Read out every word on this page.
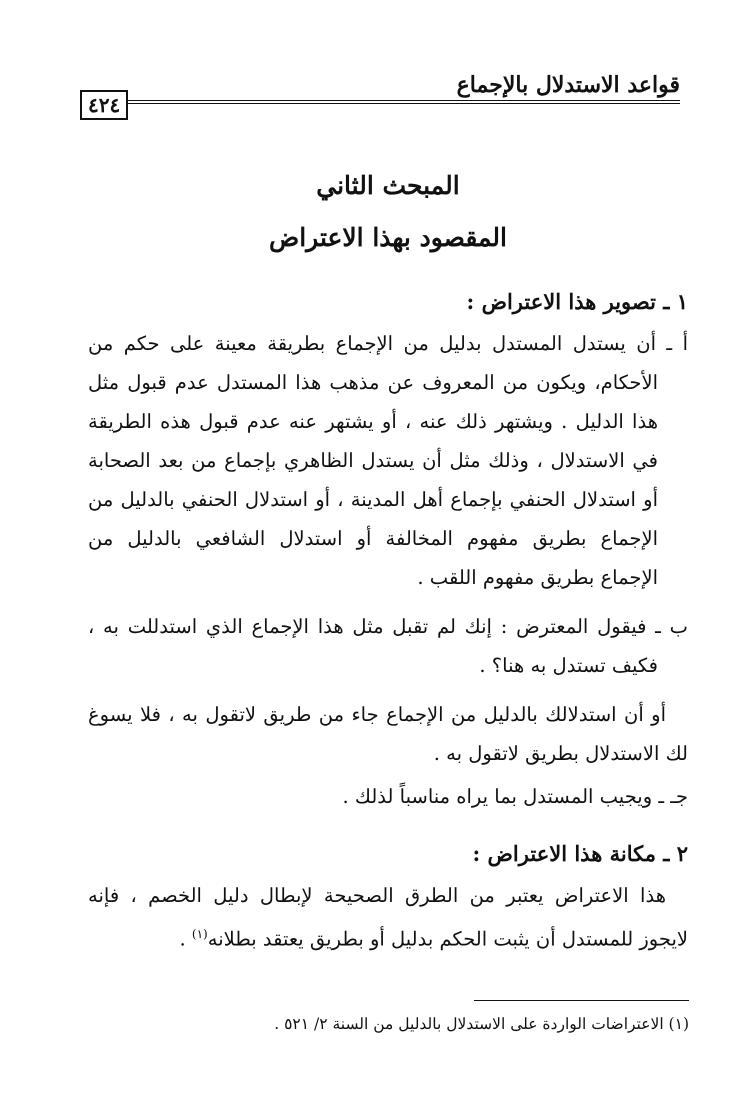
قواعد الاستدلال بالإجماع
٤٢٤
المبحث الثاني
المقصود بهذا الاعتراض
١ ـ تصوير هذا الاعتراض :

أ ـ أن يستدل المستدل بدليل من الإجماع بطريقة معينة على حكم من الأحكام، ويكون من المعروف عن مذهب هذا المستدل عدم قبول مثل هذا الدليل . ويشتهر ذلك عنه ، أو يشتهر عنه عدم قبول هذه الطريقة في الاستدلال ، وذلك مثل أن يستدل الظاهري بإجماع من بعد الصحابة أو استدلال الحنفي بإجماع أهل المدينة ، أو استدلال الحنفي بالدليل من الإجماع بطريق مفهوم المخالفة أو استدلال الشافعي بالدليل من الإجماع بطريق مفهوم اللقب .

ب ـ فيقول المعترض : إنك لم تقبل مثل هذا الإجماع الذي استدللت به ، فكيف تستدل به هنا؟ .

أو أن استدلالك بالدليل من الإجماع جاء من طريق لاتقول به ، فلا يسوغ لك الاستدلال بطريق لاتقول به .

جـ ـ ويجيب المستدل بما يراه مناسباً لذلك .

٢ ـ مكانة هذا الاعتراض :

هذا الاعتراض يعتبر من الطرق الصحيحة لإبطال دليل الخصم ، فإنه لايجوز للمستدل أن يثبت الحكم بدليل أو بطريق يعتقد بطلانه$^{(١)}$ .

(١) الاعتراضات الواردة على الاستدلال بالدليل من السنة ٢/ ٥٢١ .
